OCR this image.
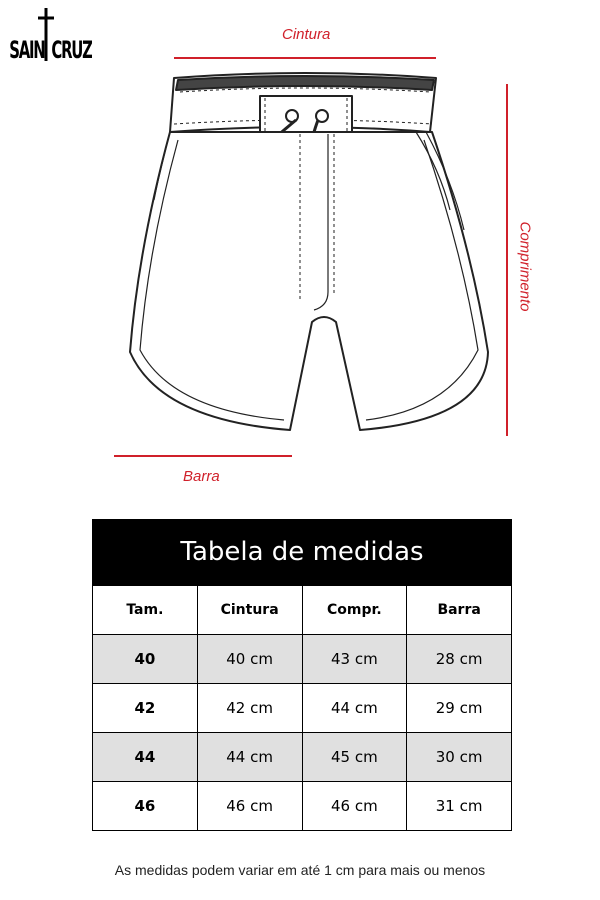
SAIN CRUZ
Cintura
Comprimento
Barra
Tabela de medidas
Tam.	Cintura	Compr.	Barra
40	40 cm	43 cm	28 cm
42	42 cm	44 cm	29 cm
44	44 cm	45 cm	30 cm
46	46 cm	46 cm	31 cm
As medidas podem variar em até 1 cm para mais ou menos
